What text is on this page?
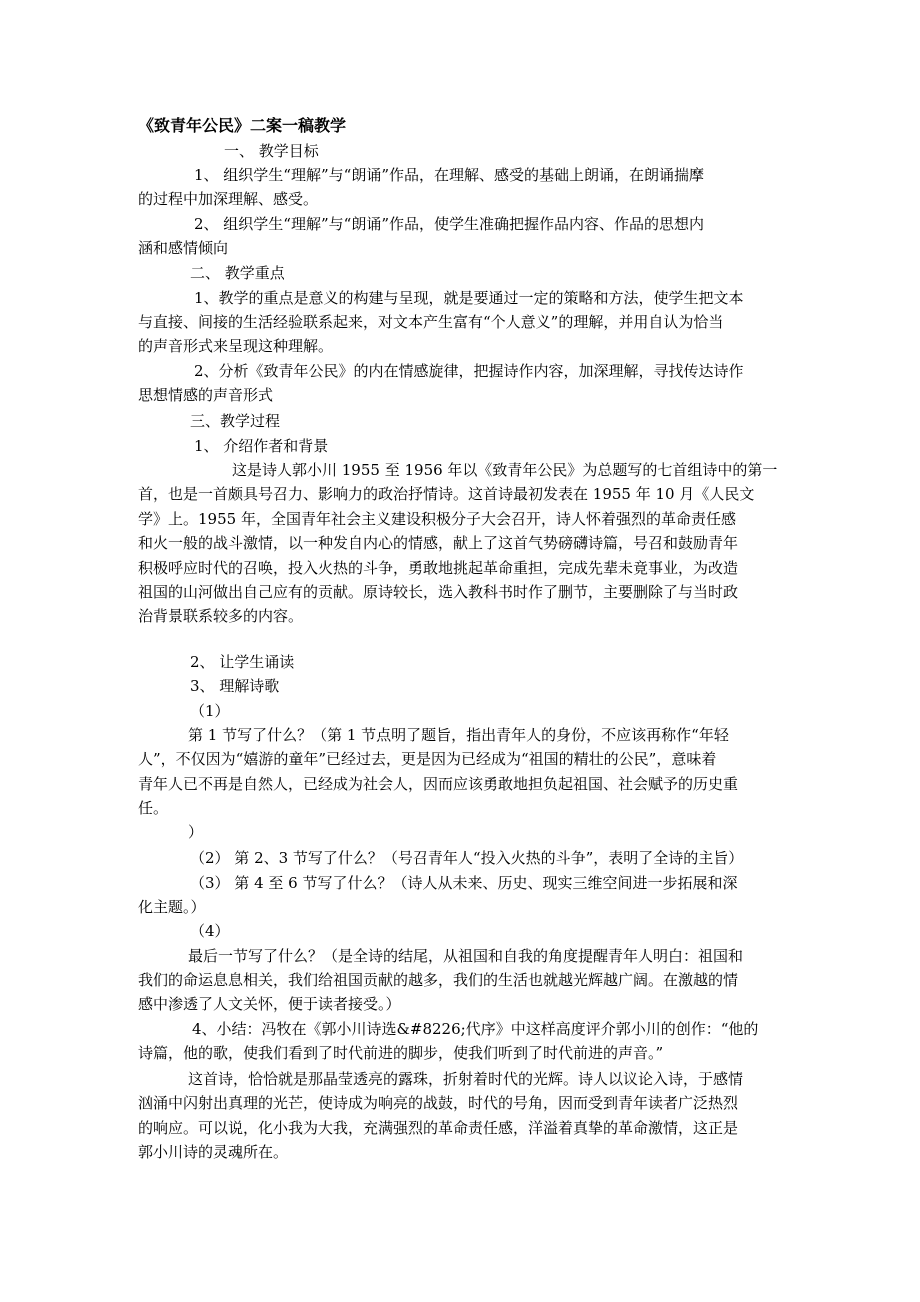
《致青年公民》二案一稿教学
一、 教学目标
1、 组织学生“理解”与“朗诵”作品，在理解、感受的基础上朗诵，在朗诵揣摩
的过程中加深理解、感受。
2、 组织学生“理解”与“朗诵”作品，使学生准确把握作品内容、作品的思想内
涵和感情倾向
二、 教学重点
1、教学的重点是意义的构建与呈现，就是要通过一定的策略和方法，使学生把文本
与直接、间接的生活经验联系起来，对文本产生富有“个人意义”的理解，并用自认为恰当
的声音形式来呈现这种理解。
2、分析《致青年公民》的内在情感旋律，把握诗作内容，加深理解，寻找传达诗作
思想情感的声音形式
三、教学过程
1、 介绍作者和背景
这是诗人郭小川 1955 至 1956 年以《致青年公民》为总题写的七首组诗中的第一
首，也是一首颇具号召力、影响力的政治抒情诗。这首诗最初发表在 1955 年 10 月《人民文
学》上。1955 年，全国青年社会主义建设积极分子大会召开，诗人怀着强烈的革命责任感
和火一般的战斗激情，以一种发自内心的情感，献上了这首气势磅礴诗篇，号召和鼓励青年
积极呼应时代的召唤，投入火热的斗争，勇敢地挑起革命重担，完成先辈未竟事业，为改造
祖国的山河做出自己应有的贡献。原诗较长，选入教科书时作了删节，主要删除了与当时政
治背景联系较多的内容。
2、 让学生诵读
3、 理解诗歌
（1）
第 1 节写了什么？（第 1 节点明了题旨，指出青年人的身份，不应该再称作“年轻
人”，不仅因为“嬉游的童年”已经过去，更是因为已经成为“祖国的精壮的公民”，意味着
青年人已不再是自然人，已经成为社会人，因而应该勇敢地担负起祖国、社会赋予的历史重
任。
）
（2） 第 2、3 节写了什么？（号召青年人“投入火热的斗争”，表明了全诗的主旨）
（3） 第 4 至 6 节写了什么？（诗人从未来、历史、现实三维空间进一步拓展和深
化主题。）
（4）
最后一节写了什么？（是全诗的结尾，从祖国和自我的角度提醒青年人明白：祖国和
我们的命运息息相关，我们给祖国贡献的越多，我们的生活也就越光辉越广阔。在激越的情
感中渗透了人文关怀，便于读者接受。）
4、小结：冯牧在《郭小川诗选&#8226;代序》中这样高度评介郭小川的创作：“他的
诗篇，他的歌，使我们看到了时代前进的脚步，使我们听到了时代前进的声音。”
这首诗，恰恰就是那晶莹透亮的露珠，折射着时代的光辉。诗人以议论入诗，于感情
汹涌中闪射出真理的光芒，使诗成为响亮的战鼓，时代的号角，因而受到青年读者广泛热烈
的响应。可以说，化小我为大我，充满强烈的革命责任感，洋溢着真挚的革命激情，这正是
郭小川诗的灵魂所在。
